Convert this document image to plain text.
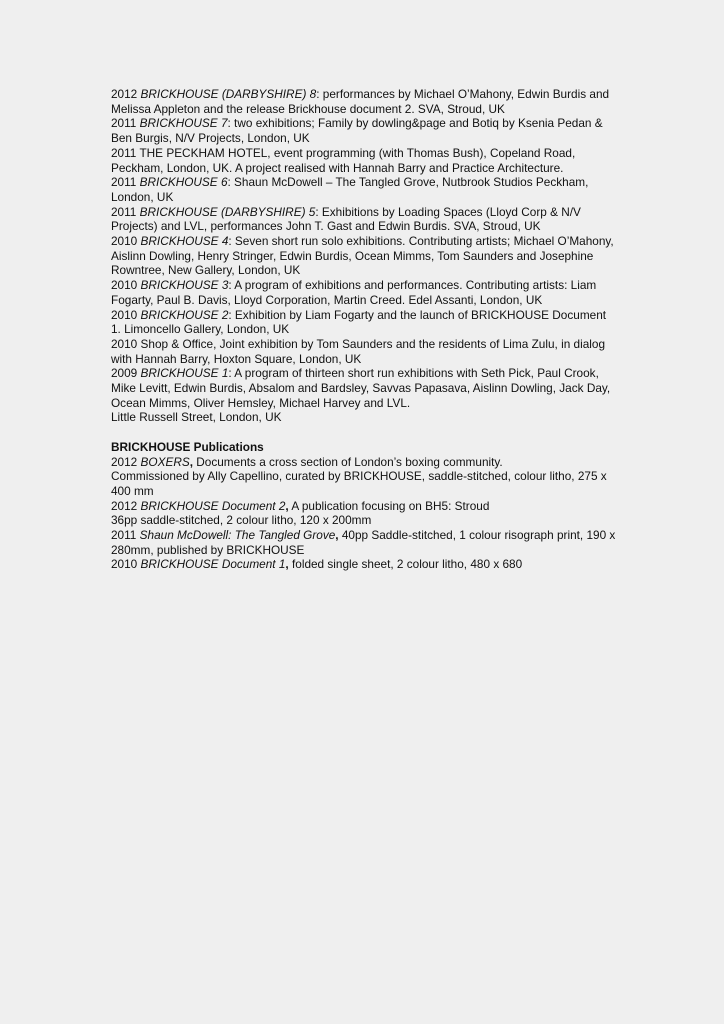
2012 BRICKHOUSE (DARBYSHIRE) 8: performances by Michael O’Mahony, Edwin Burdis and Melissa Appleton and the release Brickhouse document 2. SVA, Stroud, UK

2011 BRICKHOUSE 7: two exhibitions; Family by dowling&page and Botiq by Ksenia Pedan & Ben Burgis, N/V Projects, London, UK

2011 THE PECKHAM HOTEL, event programming (with Thomas Bush), Copeland Road, Peckham, London, UK. A project realised with Hannah Barry and Practice Architecture.

2011 BRICKHOUSE 6: Shaun McDowell – The Tangled Grove, Nutbrook Studios Peckham, London, UK

2011 BRICKHOUSE (DARBYSHIRE) 5: Exhibitions by Loading Spaces (Lloyd Corp & N/V Projects) and LVL, performances John T. Gast and Edwin Burdis. SVA, Stroud, UK

2010 BRICKHOUSE 4: Seven short run solo exhibitions. Contributing artists; Michael O’Mahony, Aislinn Dowling, Henry Stringer, Edwin Burdis, Ocean Mimms, Tom Saunders and Josephine Rowntree, New Gallery, London, UK

2010 BRICKHOUSE 3: A program of exhibitions and performances. Contributing artists: Liam Fogarty, Paul B. Davis, Lloyd Corporation, Martin Creed. Edel Assanti, London, UK

2010 BRICKHOUSE 2: Exhibition by Liam Fogarty and the launch of BRICKHOUSE Document 1. Limoncello Gallery, London, UK

2010 Shop & Office, Joint exhibition by Tom Saunders and the residents of Lima Zulu, in dialog with Hannah Barry, Hoxton Square, London, UK

2009 BRICKHOUSE 1: A program of thirteen short run exhibitions with Seth Pick, Paul Crook, Mike Levitt, Edwin Burdis, Absalom and Bardsley, Savvas Papasava, Aislinn Dowling, Jack Day, Ocean Mimms, Oliver Hemsley, Michael Harvey and LVL.

Little Russell Street, London, UK

BRICKHOUSE Publications

2012 BOXERS, Documents a cross section of London’s boxing community.

Commissioned by Ally Capellino, curated by BRICKHOUSE, saddle-stitched, colour litho, 275 x 400 mm

2012 BRICKHOUSE Document 2, A publication focusing on BH5: Stroud

36pp saddle-stitched, 2 colour litho, 120 x 200mm

2011 Shaun McDowell: The Tangled Grove, 40pp Saddle-stitched, 1 colour risograph print, 190 x 280mm, published by BRICKHOUSE

2010 BRICKHOUSE Document 1, folded single sheet, 2 colour litho, 480 x 680
